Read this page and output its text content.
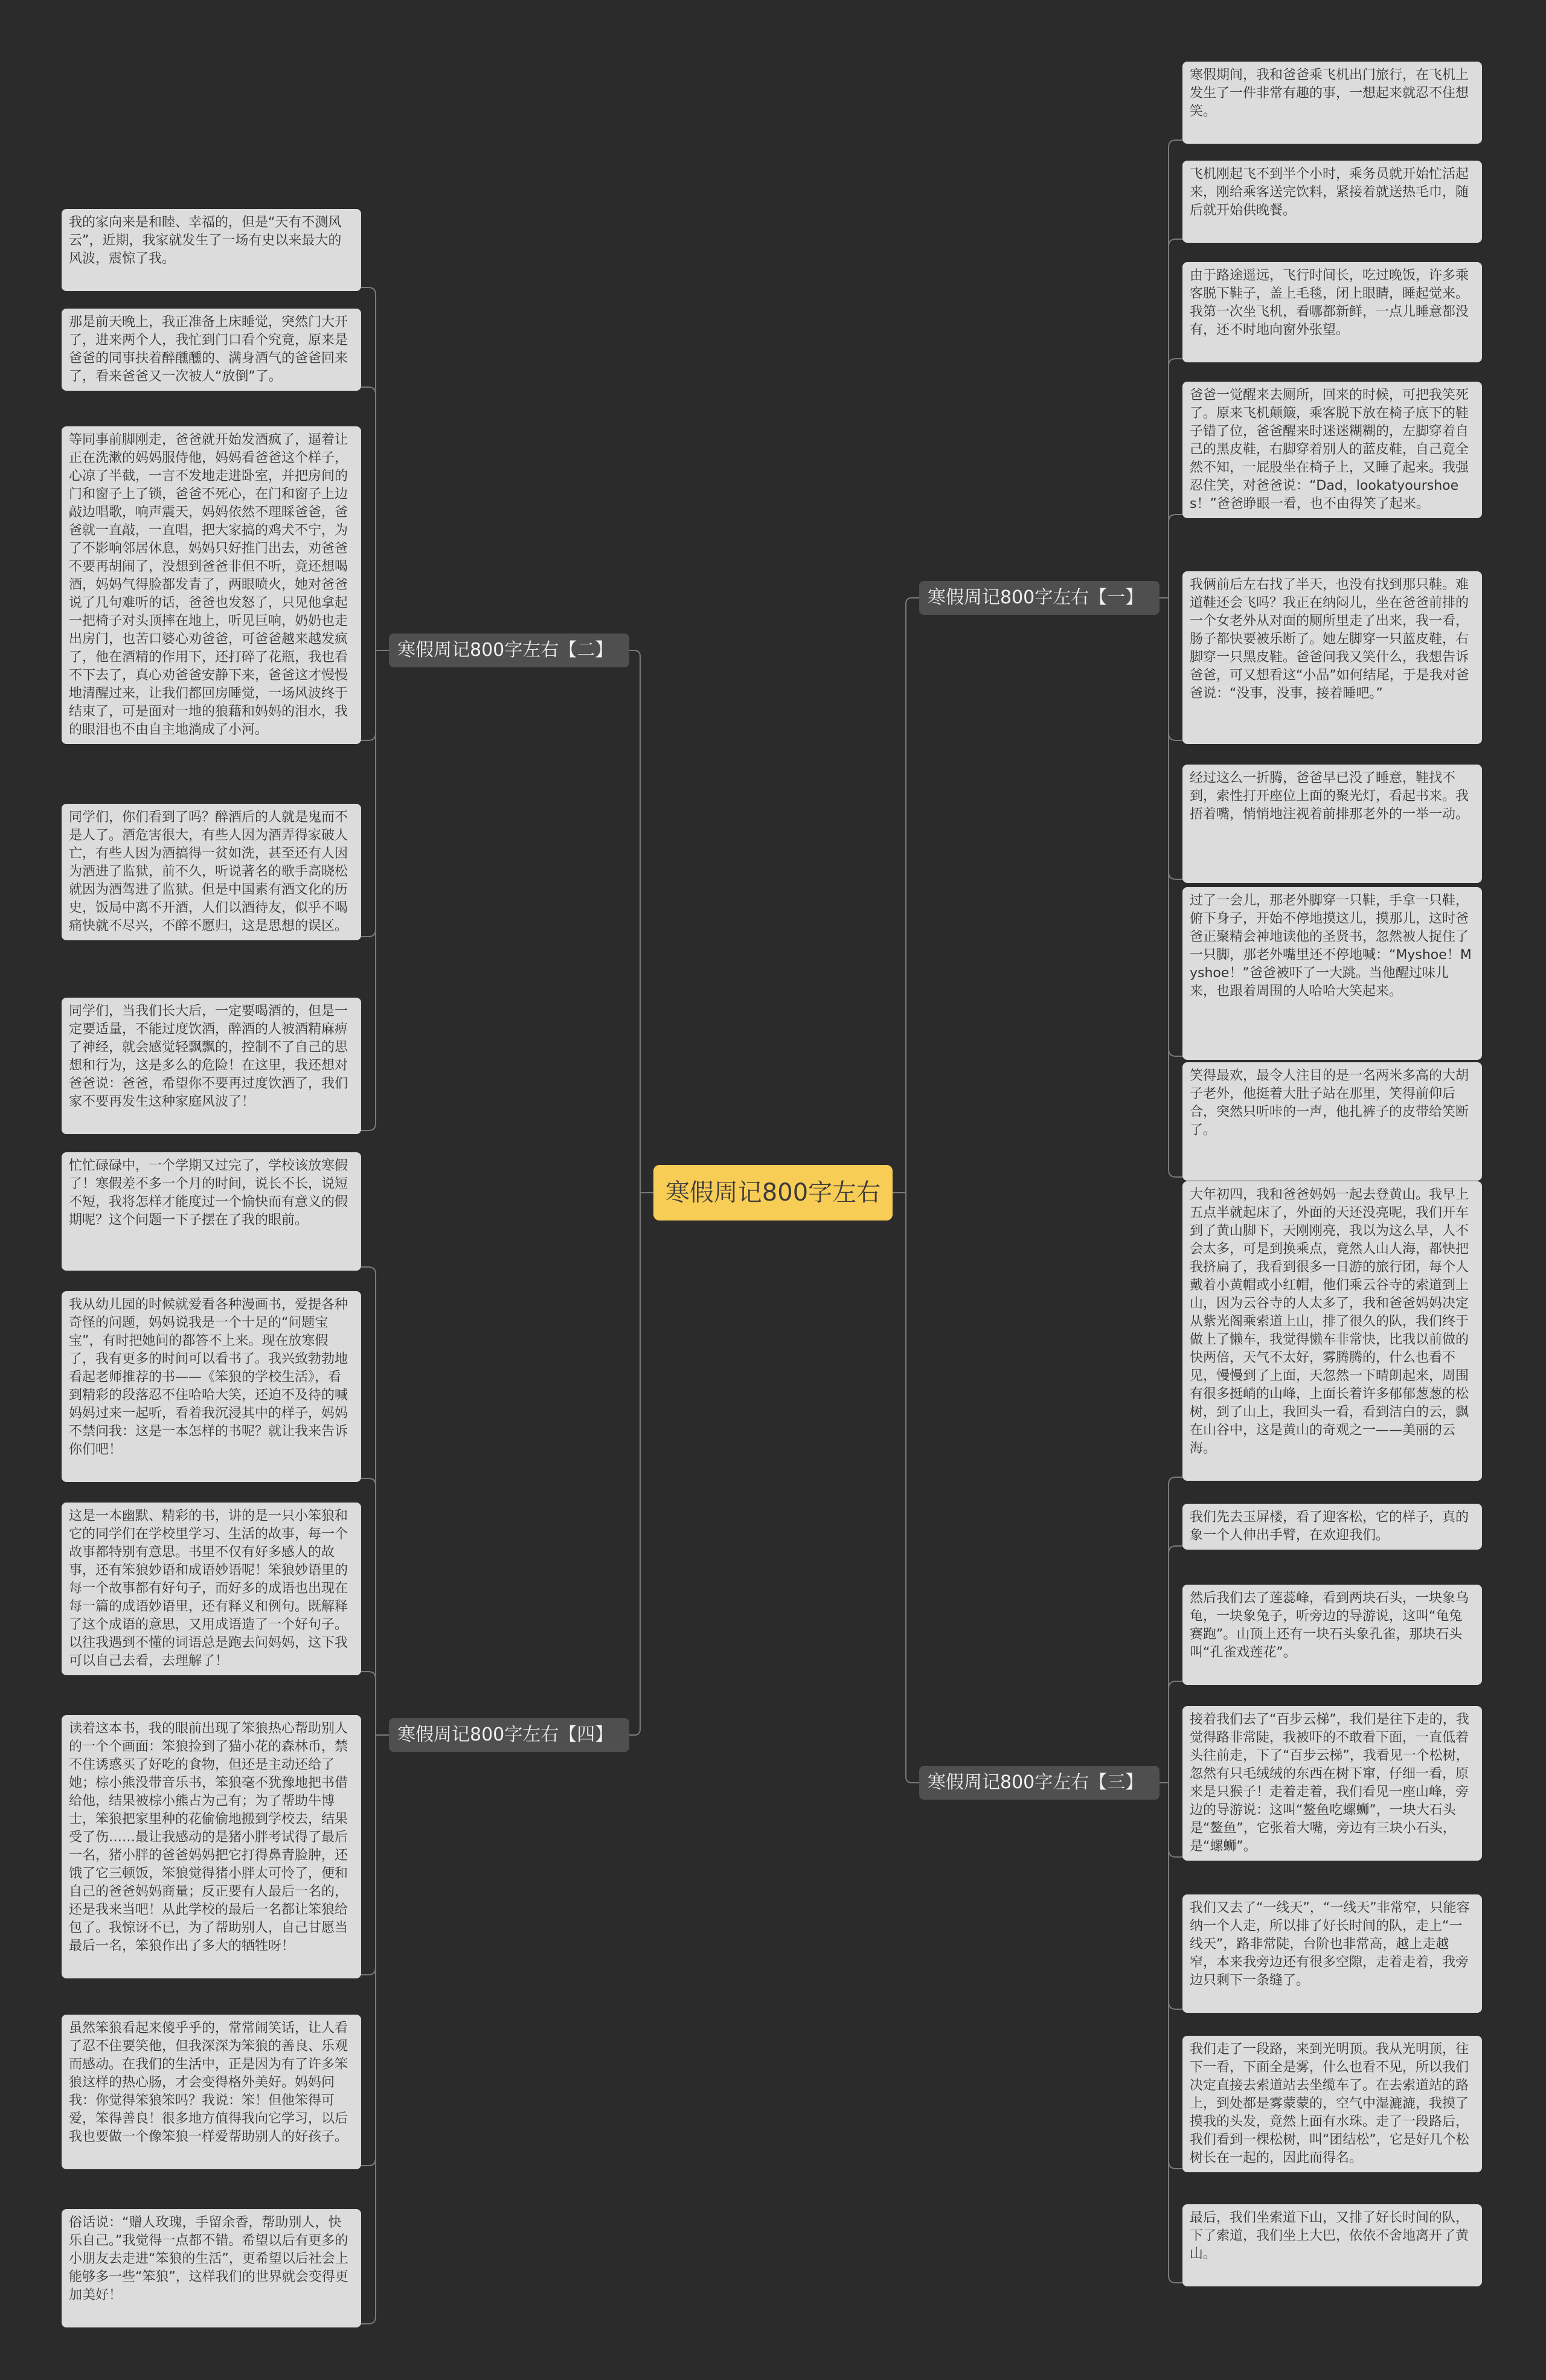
寒假周记800字左右
寒假周记800字左右【一】
寒假期间，我和爸爸乘飞机出门旅行，在飞机上发生了一件非常有趣的事，一想起来就忍不住想笑。
飞机刚起飞不到半个小时，乘务员就开始忙活起来，刚给乘客送完饮料，紧接着就送热毛巾，随后就开始供晚餐。
由于路途遥远，飞行时间长，吃过晚饭，许多乘客脱下鞋子，盖上毛毯，闭上眼睛，睡起觉来。我第一次坐飞机，看哪都新鲜，一点儿睡意都没有，还不时地向窗外张望。
爸爸一觉醒来去厕所，回来的时候，可把我笑死了。原来飞机颠簸，乘客脱下放在椅子底下的鞋子错了位，爸爸醒来时迷迷糊糊的，左脚穿着自己的黑皮鞋，右脚穿着别人的蓝皮鞋，自己竟全然不知，一屁股坐在椅子上，又睡了起来。我强忍住笑，对爸爸说：“Dad，lookatyourshoes！”爸爸睁眼一看，也不由得笑了起来。
我俩前后左右找了半天，也没有找到那只鞋。难道鞋还会飞吗？我正在纳闷儿，坐在爸爸前排的一个女老外从对面的厕所里走了出来，我一看，肠子都快要被乐断了。她左脚穿一只蓝皮鞋，右脚穿一只黑皮鞋。爸爸问我又笑什么，我想告诉爸爸，可又想看这“小品”如何结尾，于是我对爸爸说：“没事，没事，接着睡吧。”
经过这么一折腾，爸爸早已没了睡意，鞋找不到，索性打开座位上面的聚光灯，看起书来。我捂着嘴，悄悄地注视着前排那老外的一举一动。
过了一会儿，那老外脚穿一只鞋，手拿一只鞋，俯下身子，开始不停地摸这儿，摸那儿，这时爸爸正聚精会神地读他的圣贤书，忽然被人捉住了一只脚，那老外嘴里还不停地喊：“Myshoe！Myshoe！”爸爸被吓了一大跳。当他醒过味儿来，也跟着周围的人哈哈大笑起来。
笑得最欢，最令人注目的是一名两米多高的大胡子老外，他挺着大肚子站在那里，笑得前仰后合，突然只听咔的一声，他扎裤子的皮带给笑断了。
寒假周记800字左右【二】
我的家向来是和睦、幸福的，但是“天有不测风云”，近期，我家就发生了一场有史以来最大的风波，震惊了我。
那是前天晚上，我正准备上床睡觉，突然门大开了，进来两个人，我忙到门口看个究竟，原来是爸爸的同事扶着醉醺醺的、满身酒气的爸爸回来了，看来爸爸又一次被人“放倒”了。
等同事前脚刚走，爸爸就开始发酒疯了，逼着让正在洗漱的妈妈服侍他，妈妈看爸爸这个样子，心凉了半截，一言不发地走进卧室，并把房间的门和窗子上了锁，爸爸不死心，在门和窗子上边敲边唱歌，响声震天，妈妈依然不理睬爸爸，爸爸就一直敲，一直唱，把大家搞的鸡犬不宁，为了不影响邻居休息，妈妈只好推门出去，劝爸爸不要再胡闹了，没想到爸爸非但不听，竟还想喝酒，妈妈气得脸都发青了，两眼喷火，她对爸爸说了几句难听的话，爸爸也发怒了，只见他拿起一把椅子对头顶摔在地上，听见巨响，奶奶也走出房门，也苦口婆心劝爸爸，可爸爸越来越发疯了，他在酒精的作用下，还打碎了花瓶，我也看不下去了，真心劝爸爸安静下来，爸爸这才慢慢地清醒过来，让我们都回房睡觉，一场风波终于结束了，可是面对一地的狼藉和妈妈的泪水，我的眼泪也不由自主地淌成了小河。
同学们，你们看到了吗？醉酒后的人就是鬼而不是人了。酒危害很大，有些人因为酒弄得家破人亡，有些人因为酒搞得一贫如洗，甚至还有人因为酒进了监狱，前不久，听说著名的歌手高晓松就因为酒驾进了监狱。但是中国素有酒文化的历史，饭局中离不开酒，人们以酒待友，似乎不喝痛快就不尽兴，不醉不愿归，这是思想的误区。
同学们，当我们长大后，一定要喝酒的，但是一定要适量，不能过度饮酒，醉酒的人被酒精麻痹了神经，就会感觉轻飘飘的，控制不了自己的思想和行为，这是多么的危险！在这里，我还想对爸爸说：爸爸，希望你不要再过度饮酒了，我们家不要再发生这种家庭风波了！
寒假周记800字左右【三】
大年初四，我和爸爸妈妈一起去登黄山。我早上五点半就起床了，外面的天还没亮呢，我们开车到了黄山脚下，天刚刚亮，我以为这么早，人不会太多，可是到换乘点，竟然人山人海，都快把我挤扁了，我看到很多一日游的旅行团，每个人戴着小黄帽或小红帽，他们乘云谷寺的索道到上山，因为云谷寺的人太多了，我和爸爸妈妈决定从紫光阁乘索道上山，排了很久的队，我们终于做上了懒车，我觉得懒车非常快，比我以前做的快两倍，天气不太好，雾腾腾的，什么也看不见，慢慢到了上面，天忽然一下晴朗起来，周围有很多挺峭的山峰，上面长着许多郁郁葱葱的松树，到了山上，我回头一看，看到洁白的云，飘在山谷中，这是黄山的奇观之一——美丽的云海。
我们先去玉屏楼，看了迎客松，它的样子，真的象一个人伸出手臂，在欢迎我们。
然后我们去了莲蕊峰，看到两块石头，一块象乌龟，一块象兔子，听旁边的导游说，这叫“龟兔赛跑”。山顶上还有一块石头象孔雀，那块石头叫“孔雀戏莲花”。
接着我们去了“百步云梯”，我们是往下走的，我觉得路非常陡，我被吓的不敢看下面，一直低着头往前走，下了“百步云梯”，我看见一个松树，忽然有只毛绒绒的东西在树下窜，仔细一看，原来是只猴子！走着走着，我们看见一座山峰，旁边的导游说：这叫“鳌鱼吃螺蛳”，一块大石头是“鳌鱼”，它张着大嘴，旁边有三块小石头，是“螺蛳”。
我们又去了“一线天”，“一线天”非常窄，只能容纳一个人走，所以排了好长时间的队，走上“一线天”，路非常陡，台阶也非常高，越上走越窄，本来我旁边还有很多空隙，走着走着，我旁边只剩下一条缝了。
我们走了一段路，来到光明顶。我从光明顶，往下一看，下面全是雾，什么也看不见，所以我们决定直接去索道站去坐缆车了。在去索道站的路上，到处都是雾蒙蒙的，空气中湿漉漉，我摸了摸我的头发，竟然上面有水珠。走了一段路后，我们看到一棵松树，叫“团结松”，它是好几个松树长在一起的，因此而得名。
最后，我们坐索道下山，又排了好长时间的队，下了索道，我们坐上大巴，依依不舍地离开了黄山。
寒假周记800字左右【四】
忙忙碌碌中，一个学期又过完了，学校该放寒假了！寒假差不多一个月的时间，说长不长，说短不短，我将怎样才能度过一个愉快而有意义的假期呢？这个问题一下子摆在了我的眼前。
我从幼儿园的时候就爱看各种漫画书，爱提各种奇怪的问题，妈妈说我是一个十足的“问题宝宝”，有时把她问的都答不上来。现在放寒假了，我有更多的时间可以看书了。我兴致勃勃地看起老师推荐的书——《笨狼的学校生活》，看到精彩的段落忍不住哈哈大笑，还迫不及待的喊妈妈过来一起听，看着我沉浸其中的样子，妈妈不禁问我：这是一本怎样的书呢？就让我来告诉你们吧！
这是一本幽默、精彩的书，讲的是一只小笨狼和它的同学们在学校里学习、生活的故事，每一个故事都特别有意思。书里不仅有好多感人的故事，还有笨狼妙语和成语妙语呢！笨狼妙语里的每一个故事都有好句子，而好多的成语也出现在每一篇的成语妙语里，还有释义和例句。既解释了这个成语的意思，又用成语造了一个好句子。以往我遇到不懂的词语总是跑去问妈妈，这下我可以自己去看，去理解了！
读着这本书，我的眼前出现了笨狼热心帮助别人的一个个画面：笨狼捡到了猫小花的森林币，禁不住诱惑买了好吃的食物，但还是主动还给了她；棕小熊没带音乐书，笨狼毫不犹豫地把书借给他，结果被棕小熊占为己有；为了帮助牛博士，笨狼把家里种的花偷偷地搬到学校去，结果受了伤……最让我感动的是猪小胖考试得了最后一名，猪小胖的爸爸妈妈把它打得鼻青脸肿，还饿了它三顿饭，笨狼觉得猪小胖太可怜了，便和自己的爸爸妈妈商量；反正要有人最后一名的，还是我来当吧！从此学校的最后一名都让笨狼给包了。我惊讶不已，为了帮助别人，自己甘愿当最后一名，笨狼作出了多大的牺牲呀！
虽然笨狼看起来傻乎乎的，常常闹笑话，让人看了忍不住要笑他，但我深深为笨狼的善良、乐观而感动。在我们的生活中，正是因为有了许多笨狼这样的热心肠，才会变得格外美好。妈妈问我：你觉得笨狼笨吗？我说：笨！但他笨得可爱，笨得善良！很多地方值得我向它学习，以后我也要做一个像笨狼一样爱帮助别人的好孩子。
俗话说：“赠人玫瑰，手留余香，帮助别人，快乐自己。”我觉得一点都不错。希望以后有更多的小朋友去走进“笨狼的生活”，更希望以后社会上能够多一些“笨狼”，这样我们的世界就会变得更加美好！
